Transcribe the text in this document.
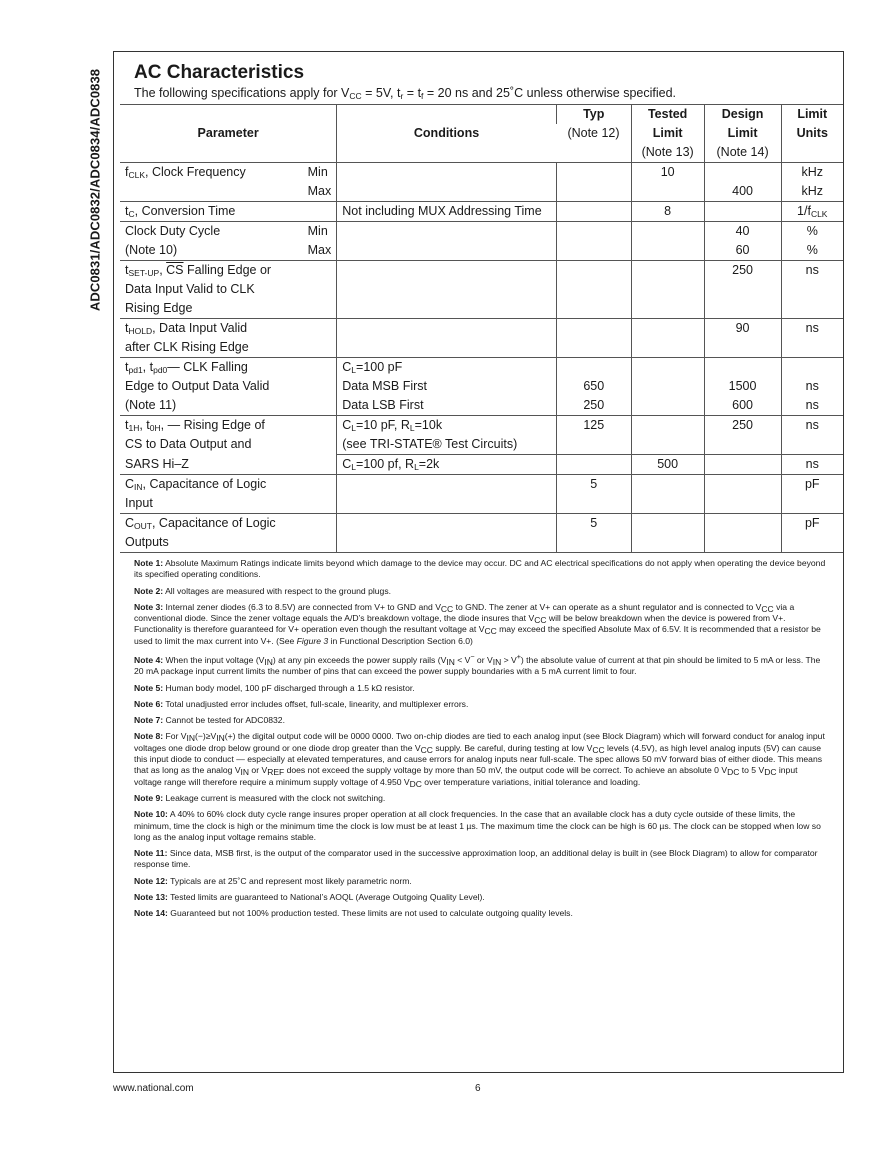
ADC0831/ADC0832/ADC0834/ADC0838 AC Characteristics
The following specifications apply for $V_{CC} = 5V$, $t_r = t_f = 20$ ns and 25˚C unless otherwise specified.
Parameter		Conditions	Typ	Tested	Design	Limit
			(Note 12)	Limit	Limit	Units
				(Note 13)	(Note 14)	
$f_{CLK}$, Clock Frequency	Min			10		kHz
	Max				400	kHz
$t_C$, Conversion Time		Not including MUX Addressing Time		8		$1/f_{CLK}$
Clock Duty Cycle	Min				40	%
(Note 10)	Max				60	%
$t_{SET-UP}$, $\overline{CS}$ Falling Edge or					250	ns
Data Input Valid to CLK						
Rising Edge						
$t_{HOLD}$, Data Input Valid					90	ns
after CLK Rising Edge						
$t_{pd1}$, $t_{pd0}—$ CLK Falling		$C_L=100$ pF				
Edge to Output Data Valid		Data MSB First	650		1500	ns
(Note 11)		Data LSB First	250		600	ns
$t_{1H}$, $t_{0H}$, — Rising Edge of		$C_L=10$ pF, $R_L=10k$	125		250	ns
CS to Data Output and		(see TRI-STATE® Test Circuits)				
SARS Hi–Z		$C_L=100$ pf, $R_L=2k$		500		ns
$C_{IN}$, Capacitance of Logic			5			pF
Input						
$C_{OUT}$, Capacitance of Logic			5			pF
Outputs						

Note 1: Absolute Maximum Ratings indicate limits beyond which damage to the device may occur. DC and AC electrical specifications do not apply when operating the device beyond its specified operating conditions.

Note 2: All voltages are measured with respect to the ground plugs.

Note 3: Internal zener diodes (6.3 to 8.5V) are connected from V+ to GND and $V_{CC}$ to GND. The zener at V+ can operate as a shunt regulator and is connected to $V_{CC}$ via a conventional diode. Since the zener voltage equals the A/D’s breakdown voltage, the diode insures that $V_{CC}$ will be below breakdown when the device is powered from V+. Functionality is therefore guaranteed for V+ operation even though the resultant voltage at $V_{CC}$ may exceed the specified Absolute Max of 6.5V. It is recommended that a resistor be used to limit the max current into V+. (See Figure 3 in Functional Description Section 6.0)

Note 4: When the input voltage $(V_{IN})$ at any pin exceeds the power supply rails ($V_{IN} < V^-$ or $V_{IN} > V^+$) the absolute value of current at that pin should be limited to 5 mA or less. The 20 mA package input current limits the number of pins that can exceed the power supply boundaries with a 5 mA current limit to four.

Note 5: Human body model, 100 pF discharged through a 1.5 kΩ resistor.

Note 6: Total unadjusted error includes offset, full-scale, linearity, and multiplexer errors.

Note 7: Cannot be tested for ADC0832.

Note 8: For $V_{IN}(-)\ge V_{IN}(+)$ the digital output code will be 0000 0000. Two on-chip diodes are tied to each analog input (see Block Diagram) which will forward conduct for analog input voltages one diode drop below ground or one diode drop greater than the $V_{CC}$ supply. Be careful, during testing at low $V_{CC}$ levels (4.5V), as high level analog inputs (5V) can cause this input diode to conduct — especially at elevated temperatures, and cause errors for analog inputs near full-scale. The spec allows 50 mV forward bias of either diode. This means that as long as the analog $V_{IN}$ or $V_{REF}$ does not exceed the supply voltage by more than 50 mV, the output code will be correct. To achieve an absolute 0 $V_{DC}$ to 5 $V_{DC}$ input voltage range will therefore require a minimum supply voltage of 4.950 $V_{DC}$ over temperature variations, initial tolerance and loading.

Note 9: Leakage current is measured with the clock not switching.

Note 10: A 40% to 60% clock duty cycle range insures proper operation at all clock frequencies. In the case that an available clock has a duty cycle outside of these limits, the minimum, time the clock is high or the minimum time the clock is low must be at least 1 µs. The maximum time the clock can be high is 60 µs. The clock can be stopped when low so long as the analog input voltage remains stable.

Note 11: Since data, MSB first, is the output of the comparator used in the successive approximation loop, an additional delay is built in (see Block Diagram) to allow for comparator response time.

Note 12: Typicals are at 25˚C and represent most likely parametric norm.

Note 13: Tested limits are guaranteed to National’s AOQL (Average Outgoing Quality Level).

Note 14: Guaranteed but not 100% production tested. These limits are not used to calculate outgoing quality levels.

www.national.com	6
